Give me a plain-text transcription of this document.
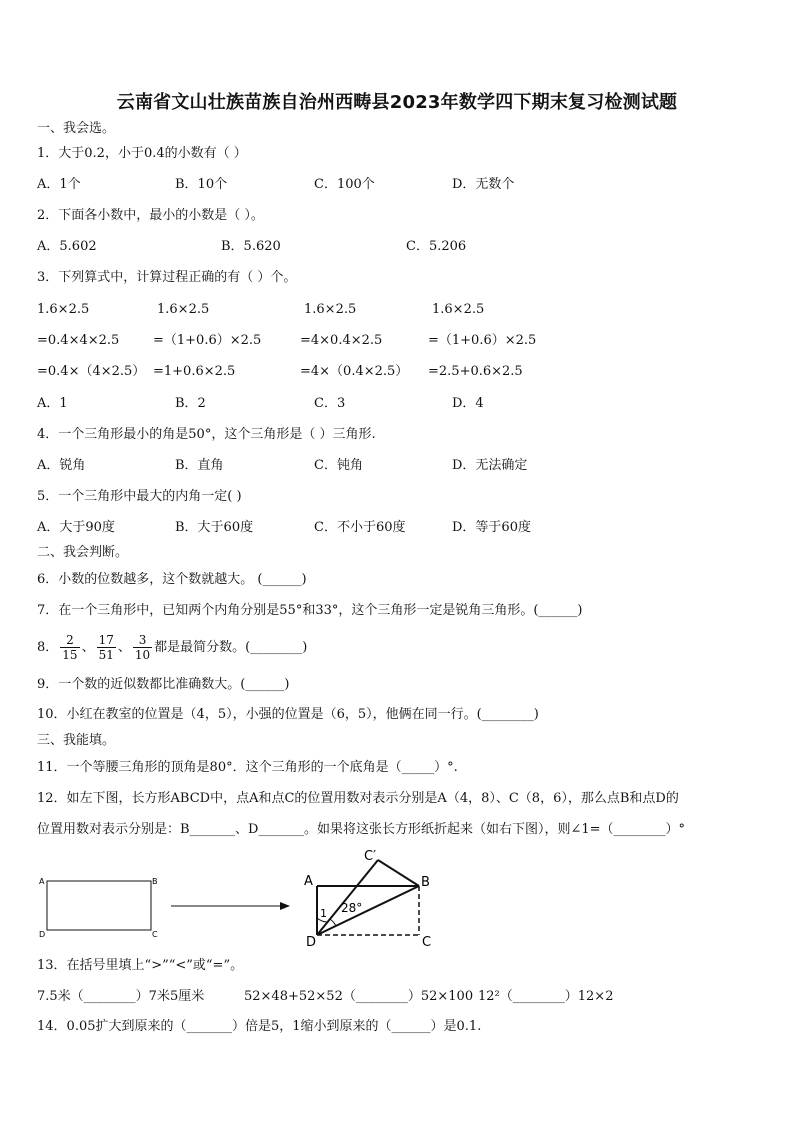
云南省文山壮族苗族自治州西畴县2023年数学四下期末复习检测试题
一、我会选。
1．大于0.2，小于0.4的小数有（ ）
A．1个	B．10个	C．100个	D．无数个
2．下面各小数中，最小的小数是（ ）。
A．5.602	B．5.620	C．5.206
3．下列算式中，计算过程正确的有（ ）个。
1.6×2.5	1.6×2.5	1.6×2.5	1.6×2.5
=0.4×4×2.5	=（1+0.6）×2.5	=4×0.4×2.5	=（1+0.6）×2.5
=0.4×（4×2.5） =1+0.6×2.5	=4×（0.4×2.5） =2.5+0.6×2.5
A．1	B．2	C．3	D．4
4．一个三角形最小的角是50°，这个三角形是（ ）三角形.
A．锐角	B．直角	C．钝角	D．无法确定
5．一个三角形中最大的内角一定( )
A．大于90度	B．大于60度	C．不小于60度	D．等于60度
二、我会判断。
6．小数的位数越多，这个数就越大。 (______)
7．在一个三角形中，已知两个内角分别是55°和33°，这个三角形一定是锐角三角形。(______)
8． $\frac{2}{15}$ 、 $\frac{17}{51}$ 、 $\frac{3}{10}$ 都是最简分数。(________)
9．一个数的近似数都比准确数大。(______)
10．小红在教室的位置是（4，5），小强的位置是（6，5），他俩在同一行。(________)
三、我能填。
11．一个等腰三角形的顶角是80°．这个三角形的一个底角是（_____）°.
12．如左下图，长方形ABCD中，点A和点C的位置用数对表示分别是A（4，8）、C（8，6），那么点B和点D的
位置用数对表示分别是：B_______、D_______。如果将这张长方形纸折起来（如右下图），则∠1=（________）°
A	B
D	C
A	B
C′
D	C
1 28°
13．在括号里填上“>”“<”或“=”。
7.5米（________）7米5厘米	52×48+52×52（________）52×100 12²（________）12×2
14．0.05扩大到原来的（_______）倍是5，1缩小到原来的（______）是0.1.
